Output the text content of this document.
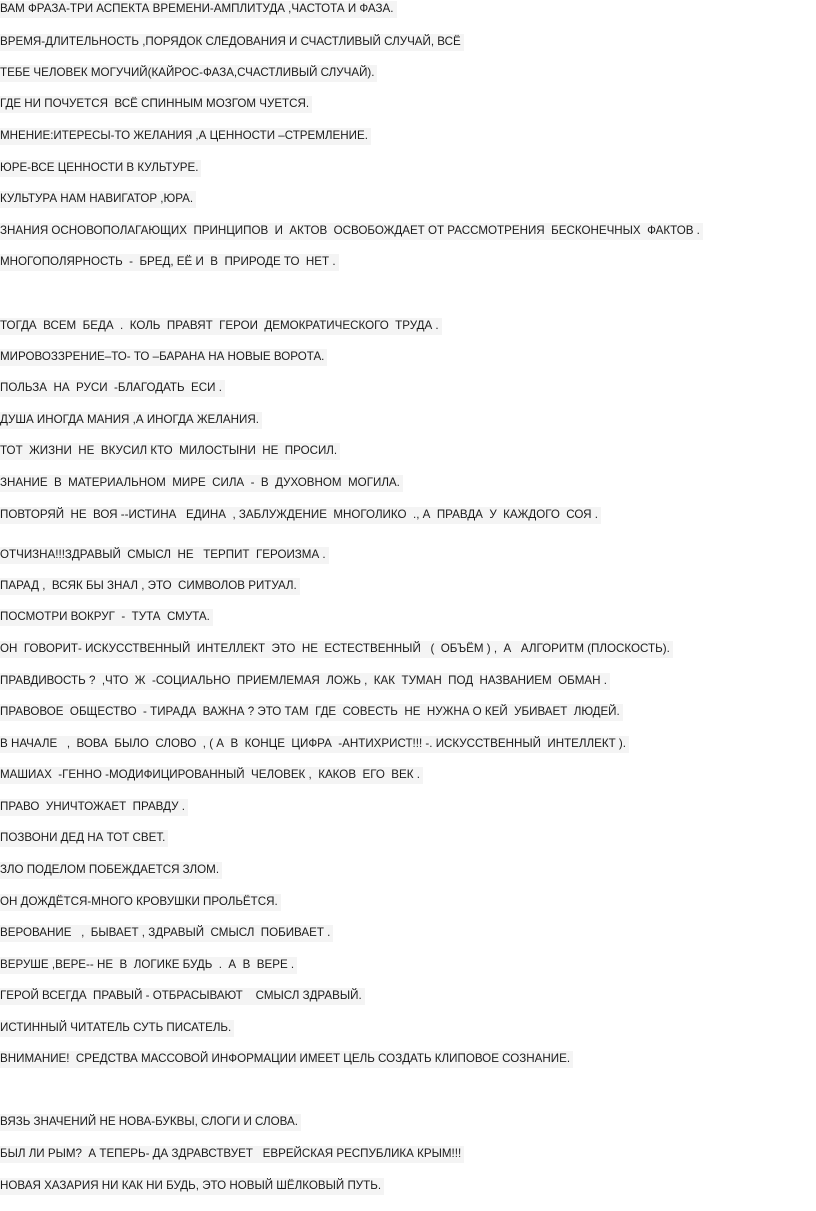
ВАМ ФРАЗА-ТРИ АСПЕКТА ВРЕМЕНИ-АМПЛИТУДА ,ЧАСТОТА И ФАЗА.
ВРЕМЯ-ДЛИТЕЛЬНОСТЬ ,ПОРЯДОК СЛЕДОВАНИЯ И СЧАСТЛИВЫЙ СЛУЧАЙ, ВСЁ
ТЕБЕ ЧЕЛОВЕК МОГУЧИЙ(КАЙРОС-ФАЗА,СЧАСТЛИВЫЙ СЛУЧАЙ).
ГДЕ НИ ПОЧУЕТСЯ  ВСЁ СПИННЫМ МОЗГОМ ЧУЕТСЯ.
МНЕНИЕ:ИТЕРЕСЫ-ТО ЖЕЛАНИЯ ,А ЦЕННОСТИ –СТРЕМЛЕНИЕ.
ЮРЕ-ВСЕ ЦЕННОСТИ В КУЛЬТУРЕ.
КУЛЬТУРА НАМ НАВИГАТОР ,ЮРА.
ЗНАНИЯ ОСНОВОПОЛАГАЮЩИХ  ПРИНЦИПОВ  И  АКТОВ  ОСВОБОЖДАЕТ ОТ РАССМОТРЕНИЯ  БЕСКОНЕЧНЫХ  ФАКТОВ .
МНОГОПОЛЯРНОСТЬ  -  БРЕД, ЕЁ И  В  ПРИРОДЕ ТО  НЕТ .
ТОГДА  ВСЕМ  БЕДА  .  КОЛЬ  ПРАВЯТ  ГЕРОИ  ДЕМОКРАТИЧЕСКОГО  ТРУДА .
МИРОВОЗЗРЕНИЕ–ТО- ТО –БАРАНА НА НОВЫЕ ВОРОТА.
ПОЛЬЗА  НА  РУСИ  -БЛАГОДАТЬ  ЕСИ .
ДУША ИНОГДА МАНИЯ ,А ИНОГДА ЖЕЛАНИЯ.
ТОТ  ЖИЗНИ  НЕ  ВКУСИЛ КТО  МИЛОСТЫНИ  НЕ  ПРОСИЛ.
ЗНАНИЕ  В  МАТЕРИАЛЬНОМ  МИРЕ  СИЛА  -  В  ДУХОВНОМ  МОГИЛА.
ПОВТОРЯЙ  НЕ  ВОЯ --ИСТИНА   ЕДИНА  , ЗАБЛУЖДЕНИЕ  МНОГОЛИКО  ., А  ПРАВДА  У  КАЖДОГО  СОЯ .
ОТЧИЗНА!!!ЗДРАВЫЙ  СМЫСЛ  НЕ   ТЕРПИТ  ГЕРОИЗМА .
ПАРАД ,  ВСЯК БЫ ЗНАЛ , ЭТО  СИМВОЛОВ РИТУАЛ.
ПОСМОТРИ ВОКРУГ  -  ТУТА  СМУТА.
ОН  ГОВОРИТ- ИСКУССТВЕННЫЙ  ИНТЕЛЛЕКТ  ЭТО  НЕ  ЕСТЕСТВЕННЫЙ   (  ОБЪЁМ ) ,  А   АЛГОРИТМ (ПЛОСКОСТЬ).
ПРАВДИВОСТЬ ?  ,ЧТО  Ж  -СОЦИАЛЬНО  ПРИЕМЛЕМАЯ  ЛОЖЬ ,  КАК  ТУМАН  ПОД  НАЗВАНИЕМ  ОБМАН .
ПРАВОВОЕ  ОБЩЕСТВО  - ТИРАДА  ВАЖНА ? ЭТО ТАМ  ГДЕ  СОВЕСТЬ  НЕ  НУЖНА О КЕЙ  УБИВАЕТ  ЛЮДЕЙ.
В НАЧАЛЕ   ,  ВОВА  БЫЛО  СЛОВО  , ( А  В  КОНЦЕ  ЦИФРА  -АНТИХРИСТ!!! -. ИСКУССТВЕННЫЙ  ИНТЕЛЛЕКТ ).
МАШИАХ  -ГЕННО -МОДИФИЦИРОВАННЫЙ  ЧЕЛОВЕК ,  КАКОВ  ЕГО  ВЕК .
ПРАВО  УНИЧТОЖАЕТ  ПРАВДУ .
ПОЗВОНИ ДЕД НА ТОТ СВЕТ.
ЗЛО ПОДЕЛОМ ПОБЕЖДАЕТСЯ ЗЛОМ.
ОН ДОЖДЁТСЯ-МНОГО КРОВУШКИ ПРОЛЬЁТСЯ.
ВЕРОВАНИЕ   ,  БЫВАЕТ , ЗДРАВЫЙ  СМЫСЛ  ПОБИВАЕТ .
ВЕРУШЕ ,ВЕРЕ-- НЕ  В  ЛОГИКЕ БУДЬ  .  А  В  ВЕРЕ .
ГЕРОЙ ВСЕГДА  ПРАВЫЙ - ОТБРАСЫВАЮТ    СМЫСЛ ЗДРАВЫЙ.
ИСТИННЫЙ ЧИТАТЕЛЬ СУТЬ ПИСАТЕЛЬ.
ВНИМАНИЕ!  СРЕДСТВА МАССОВОЙ ИНФОРМАЦИИ ИМЕЕТ ЦЕЛЬ СОЗДАТЬ КЛИПОВОЕ СОЗНАНИЕ.
ВЯЗЬ ЗНАЧЕНИЙ НЕ НОВА-БУКВЫ, СЛОГИ И СЛОВА.
БЫЛ ЛИ РЫМ?  А ТЕПЕРЬ- ДА ЗДРАВСТВУЕТ   ЕВРЕЙСКАЯ РЕСПУБЛИКА КРЫМ!!!
НОВАЯ ХАЗАРИЯ НИ КАК НИ БУДЬ, ЭТО НОВЫЙ ШЁЛКОВЫЙ ПУТЬ.
